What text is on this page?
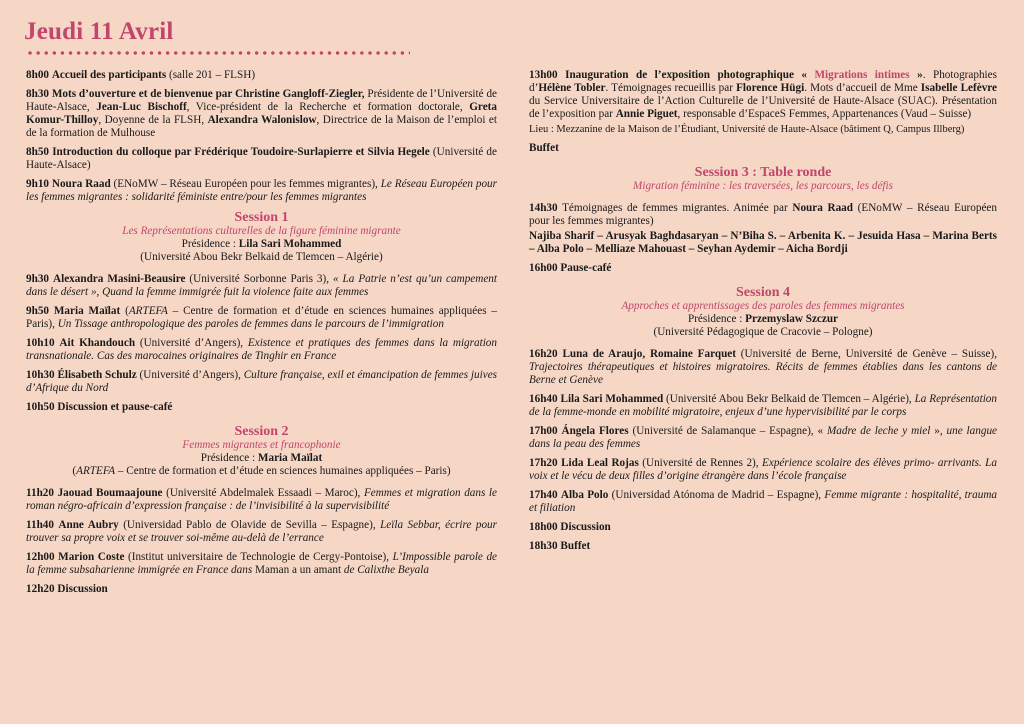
Jeudi 11 Avril
8h00 Accueil des participants (salle 201 – FLSH)
8h30 Mots d’ouverture et de bienvenue par Christine Gangloff-Ziegler, Présidente de l’Université de Haute-Alsace, Jean-Luc Bischoff, Vice-président de la Recherche et formation doctorale, Greta Komur-Thilloy, Doyenne de la FLSH, Alexandra Walonislow, Directrice de la Maison de l’emploi et de la formation de Mulhouse
8h50 Introduction du colloque par Frédérique Toudoire-Surlapierre et Silvia Hegele (Université de Haute-Alsace)
9h10 Noura Raad (ENoMW – Réseau Européen pour les femmes migrantes), Le Réseau Européen pour les femmes migrantes : solidarité féministe entre/pour les femmes migrantes
Session 1
Les Représentations culturelles de la figure féminine migrante
Présidence : Lila Sari Mohammed
(Université Abou Bekr Belkaid de Tlemcen – Algérie)
9h30 Alexandra Masini-Beausire (Université Sorbonne Paris 3), « La Patrie n’est qu’un campement dans le désert », Quand la femme immigrée fuit la violence faite aux femmes
9h50 Maria Maïlat (ARTEFA – Centre de formation et d’étude en sciences humaines appliquées – Paris), Un Tissage anthropologique des paroles de femmes dans le parcours de l’immigration
10h10 Ait Khandouch (Université d’Angers), Existence et pratiques des femmes dans la migration transnationale. Cas des marocaines originaires de Tinghir en France
10h30 Élisabeth Schulz (Université d’Angers), Culture française, exil et émancipation de femmes juives d’Afrique du Nord
10h50 Discussion et pause-café
Session 2
Femmes migrantes et francophonie
Présidence : Maria Maïlat
(ARTEFA – Centre de formation et d’étude en sciences humaines appliquées – Paris)
11h20 Jaouad Boumaajoune (Université Abdelmalek Essaadi – Maroc), Femmes et migration dans le roman négro-africain d’expression française : de l’invisibilité à la supervisibilité
11h40 Anne Aubry (Universidad Pablo de Olavide de Sevilla – Espagne), Leïla Sebbar, écrire pour trouver sa propre voix et se trouver soi-même au-delà de l’errance
12h00 Marion Coste (Institut universitaire de Technologie de Cergy-Pontoise), L’Impossible parole de la femme subsaharienne immigrée en France dans Maman a un amant de Calixthe Beyala
12h20 Discussion
13h00 Inauguration de l’exposition photographique « Migrations intimes ». Photographies d’Hélène Tobler. Témoignages recueillis par Florence Hügi. Mots d’accueil de Mme Isabelle Lefèvre du Service Universitaire de l’Action Culturelle de l’Université de Haute-Alsace (SUAC). Présentation de l’exposition par Annie Piguet, responsable d’EspaceS Femmes, Appartenances (Vaud – Suisse)
Lieu : Mezzanine de la Maison de l’Étudiant, Université de Haute-Alsace (bâtiment Q, Campus Illberg)
Buffet
Session 3 : Table ronde
Migration féminine : les traversées, les parcours, les défis
14h30 Témoignages de femmes migrantes. Animée par Noura Raad (ENoMW – Réseau Européen pour les femmes migrantes)
Najiba Sharif – Arusyak Baghdasaryan – N’Biha S. – Arbenita K. – Jesuida Hasa – Marina Berts – Alba Polo – Melliaze Mahouast – Seyhan Aydemir – Aicha Bordji
16h00 Pause-café
Session 4
Approches et apprentissages des paroles des femmes migrantes
Présidence : Przemyslaw Szczur
(Université Pédagogique de Cracovie – Pologne)
16h20 Luna de Araujo, Romaine Farquet (Université de Berne, Université de Genève – Suisse), Trajectoires thérapeutiques et histoires migratoires. Récits de femmes établies dans les cantons de Berne et Genève
16h40 Lila Sari Mohammed (Université Abou Bekr Belkaid de Tlemcen – Algérie), La Représentation de la femme-monde en mobilité migratoire, enjeux d’une hypervisibilité par le corps
17h00 Ángela Flores (Université de Salamanque – Espagne), « Madre de leche y miel », une langue dans la peau des femmes
17h20 Lida Leal Rojas (Université de Rennes 2), Expérience scolaire des élèves primo- arrivants. La voix et le vécu de deux filles d’origine étrangère dans l’école française
17h40 Alba Polo (Universidad Atónoma de Madrid – Espagne), Femme migrante : hospitalité, trauma et filiation
18h00 Discussion
18h30 Buffet
